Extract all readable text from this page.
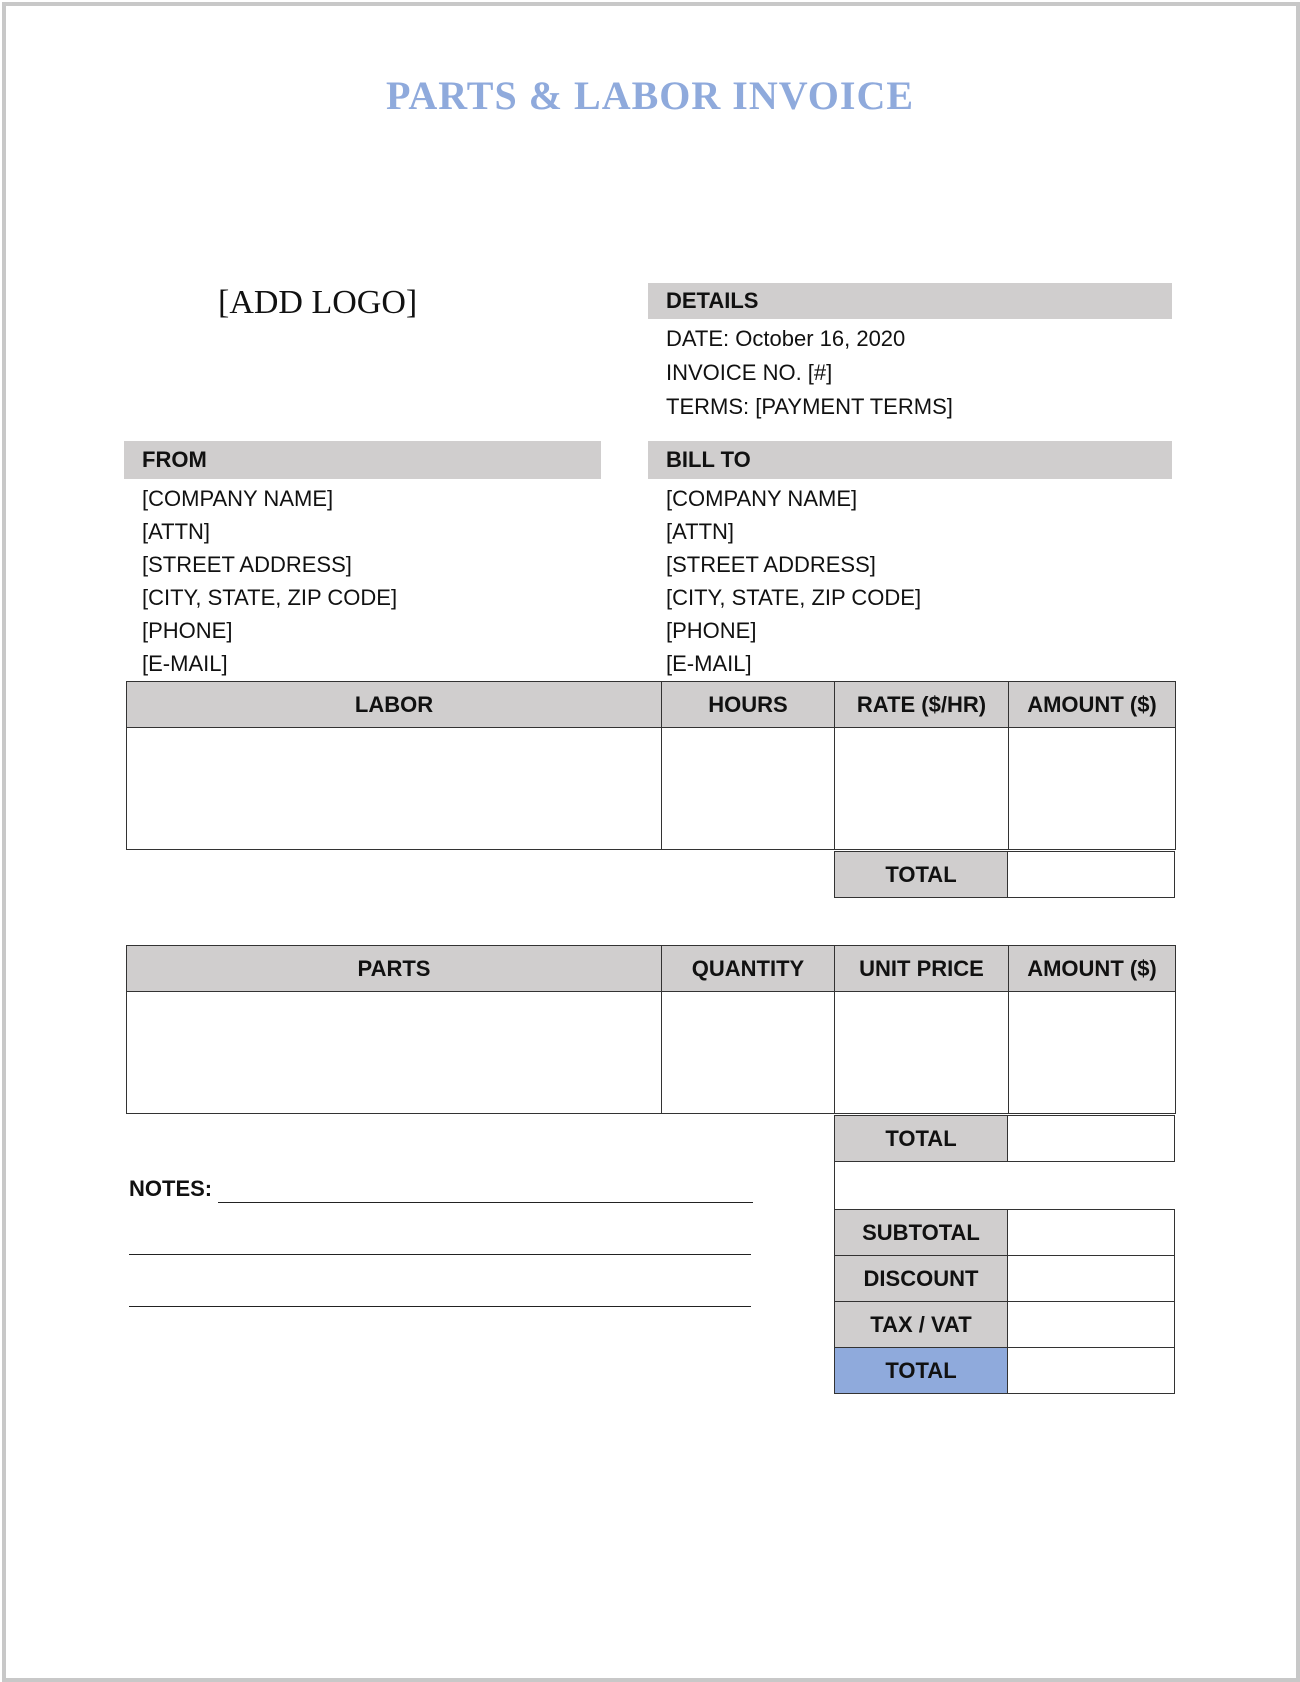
PARTS & LABOR INVOICE
[ADD LOGO]	DETAILS
DATE: October 16, 2020
INVOICE NO. [#]
TERMS: [PAYMENT TERMS]
FROM
[COMPANY NAME]
[ATTN]
[STREET ADDRESS]
[CITY, STATE, ZIP CODE]
[PHONE]
[E-MAIL]
BILL TO
[COMPANY NAME]
[ATTN]
[STREET ADDRESS]
[CITY, STATE, ZIP CODE]
[PHONE]
[E-MAIL]
LABOR	HOURS	RATE ($/HR)	AMOUNT ($)

TOTAL	
PARTS	QUANTITY	UNIT PRICE	AMOUNT ($)

TOTAL	
SUBTOTAL	
DISCOUNT	
TAX / VAT	
TOTAL	
NOTES:
